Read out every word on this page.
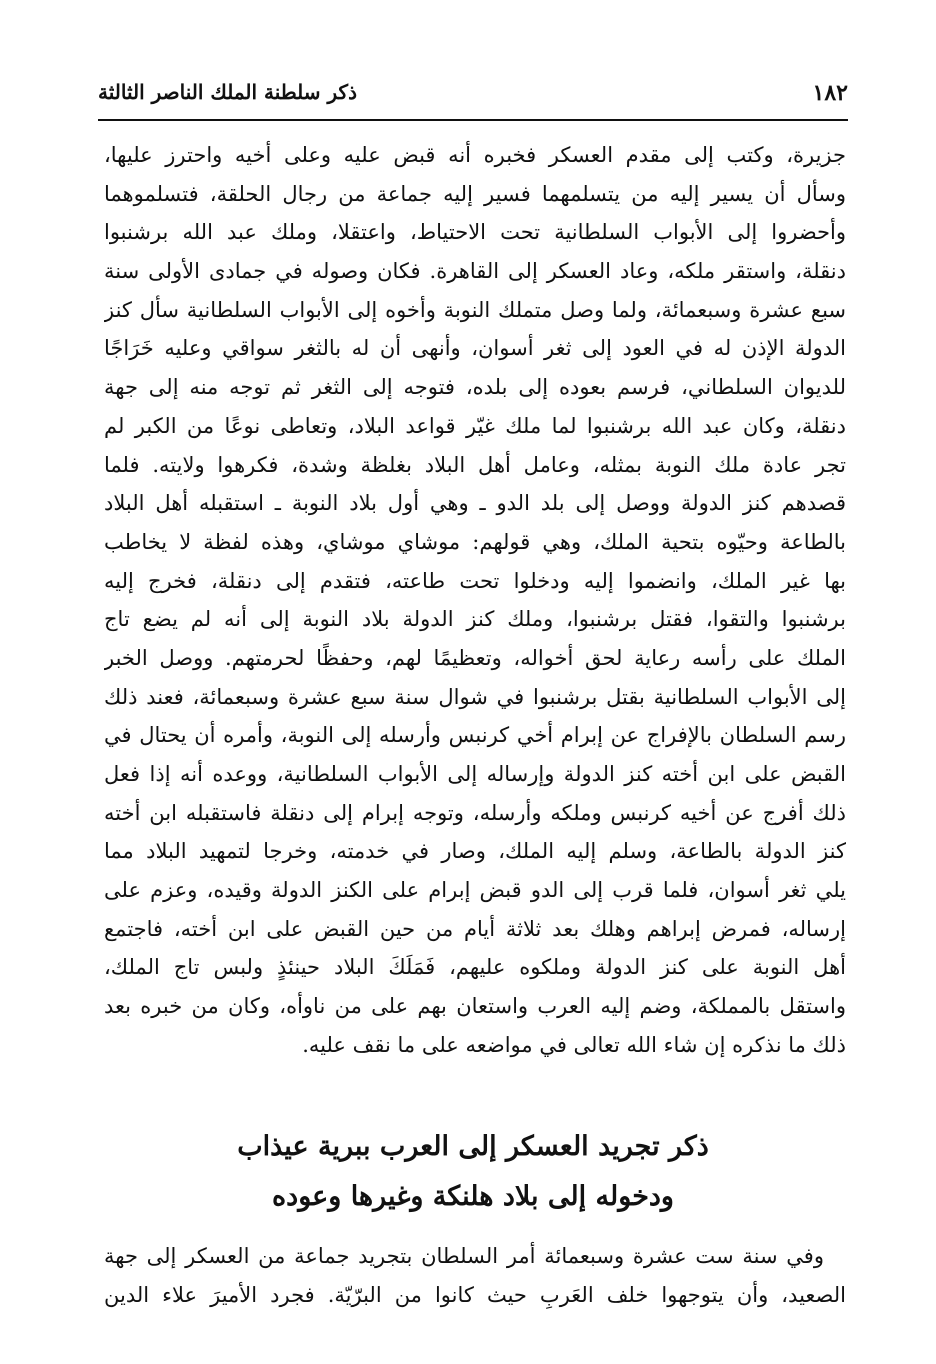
١٨٢
ذكر سلطنة الملك الناصر الثالثة
جزيرة، وكتب إلى مقدم العسكر فخبره أنه قبض عليه وعلى أخيه واحترز عليها،
وسأل أن يسير إليه من يتسلمهما فسير إليه جماعة من رجال الحلقة، فتسلموهما
وأحضروا إلى الأبواب السلطانية تحت الاحتياط، واعتقلا، وملك عبد الله برشنبوا
دنقلة، واستقر ملكه، وعاد العسكر إلى القاهرة. فكان وصوله في جمادى الأولى سنة
سبع عشرة وسبعمائة، ولما وصل متملك النوبة وأخوه إلى الأبواب السلطانية سأل كنز
الدولة الإذن له في العود إلى ثغر أسوان، وأنهى أن له بالثغر سواقي وعليه خَرَاجًا
للديوان السلطاني، فرسم بعوده إلى بلده، فتوجه إلى الثغر ثم توجه منه إلى جهة
دنقلة، وكان عبد الله برشنبوا لما ملك غيّر قواعد البلاد، وتعاطى نوعًا من الكبر لم
تجر عادة ملك النوبة بمثله، وعامل أهل البلاد بغلظة وشدة، فكرهوا ولايته. فلما
قصدهم كنز الدولة ووصل إلى بلد الدو ـ وهي أول بلاد النوبة ـ استقبله أهل البلاد
بالطاعة وحيّوه بتحية الملك، وهي قولهم: موشاي موشاي، وهذه لفظة لا يخاطب
بها غير الملك، وانضموا إليه ودخلوا تحت طاعته، فتقدم إلى دنقلة، فخرج إليه
برشنبوا والتقوا، فقتل برشنبوا، وملك كنز الدولة بلاد النوبة إلى أنه لم يضع تاج
الملك على رأسه رعاية لحق أخواله، وتعظيمًا لهم، وحفظًا لحرمتهم. ووصل الخبر
إلى الأبواب السلطانية بقتل برشنبوا في شوال سنة سبع عشرة وسبعمائة، فعند ذلك
رسم السلطان بالإفراج عن إبرام أخي كرنبس وأرسله إلى النوبة، وأمره أن يحتال في
القبض على ابن أخته كنز الدولة وإرساله إلى الأبواب السلطانية، ووعده أنه إذا فعل
ذلك أفرج عن أخيه كرنبس وملكه وأرسله، وتوجه إبرام إلى دنقلة فاستقبله ابن أخته
كنز الدولة بالطاعة، وسلم إليه الملك، وصار في خدمته، وخرجا لتمهيد البلاد مما
يلي ثغر أسوان، فلما قرب إلى الدو قبض إبرام على الكنز الدولة وقيده، وعزم على
إرساله، فمرض إبراهم وهلك بعد ثلاثة أيام من حين القبض على ابن أخته، فاجتمع
أهل النوبة على كنز الدولة وملكوه عليهم، فَمَلَكَ البلاد حينئذٍ ولبس تاج الملك،
واستقل بالمملكة، وضم إليه العرب واستعان بهم على من ناوأه، وكان من خبره بعد
ذلك ما نذكره إن شاء الله تعالى في مواضعه على ما نقف عليه.
ذكر تجريد العسكر إلى العرب ببرية عيذاب
ودخوله إلى بلاد هلنكة وغيرها وعوده
وفي سنة ست عشرة وسبعمائة أمر السلطان بتجريد جماعة من العسكر إلى جهة
الصعيد، وأن يتوجهوا خلف العَربِ حيث كانوا من البرّيّة. فجرد الأميرَ علاء الدين
